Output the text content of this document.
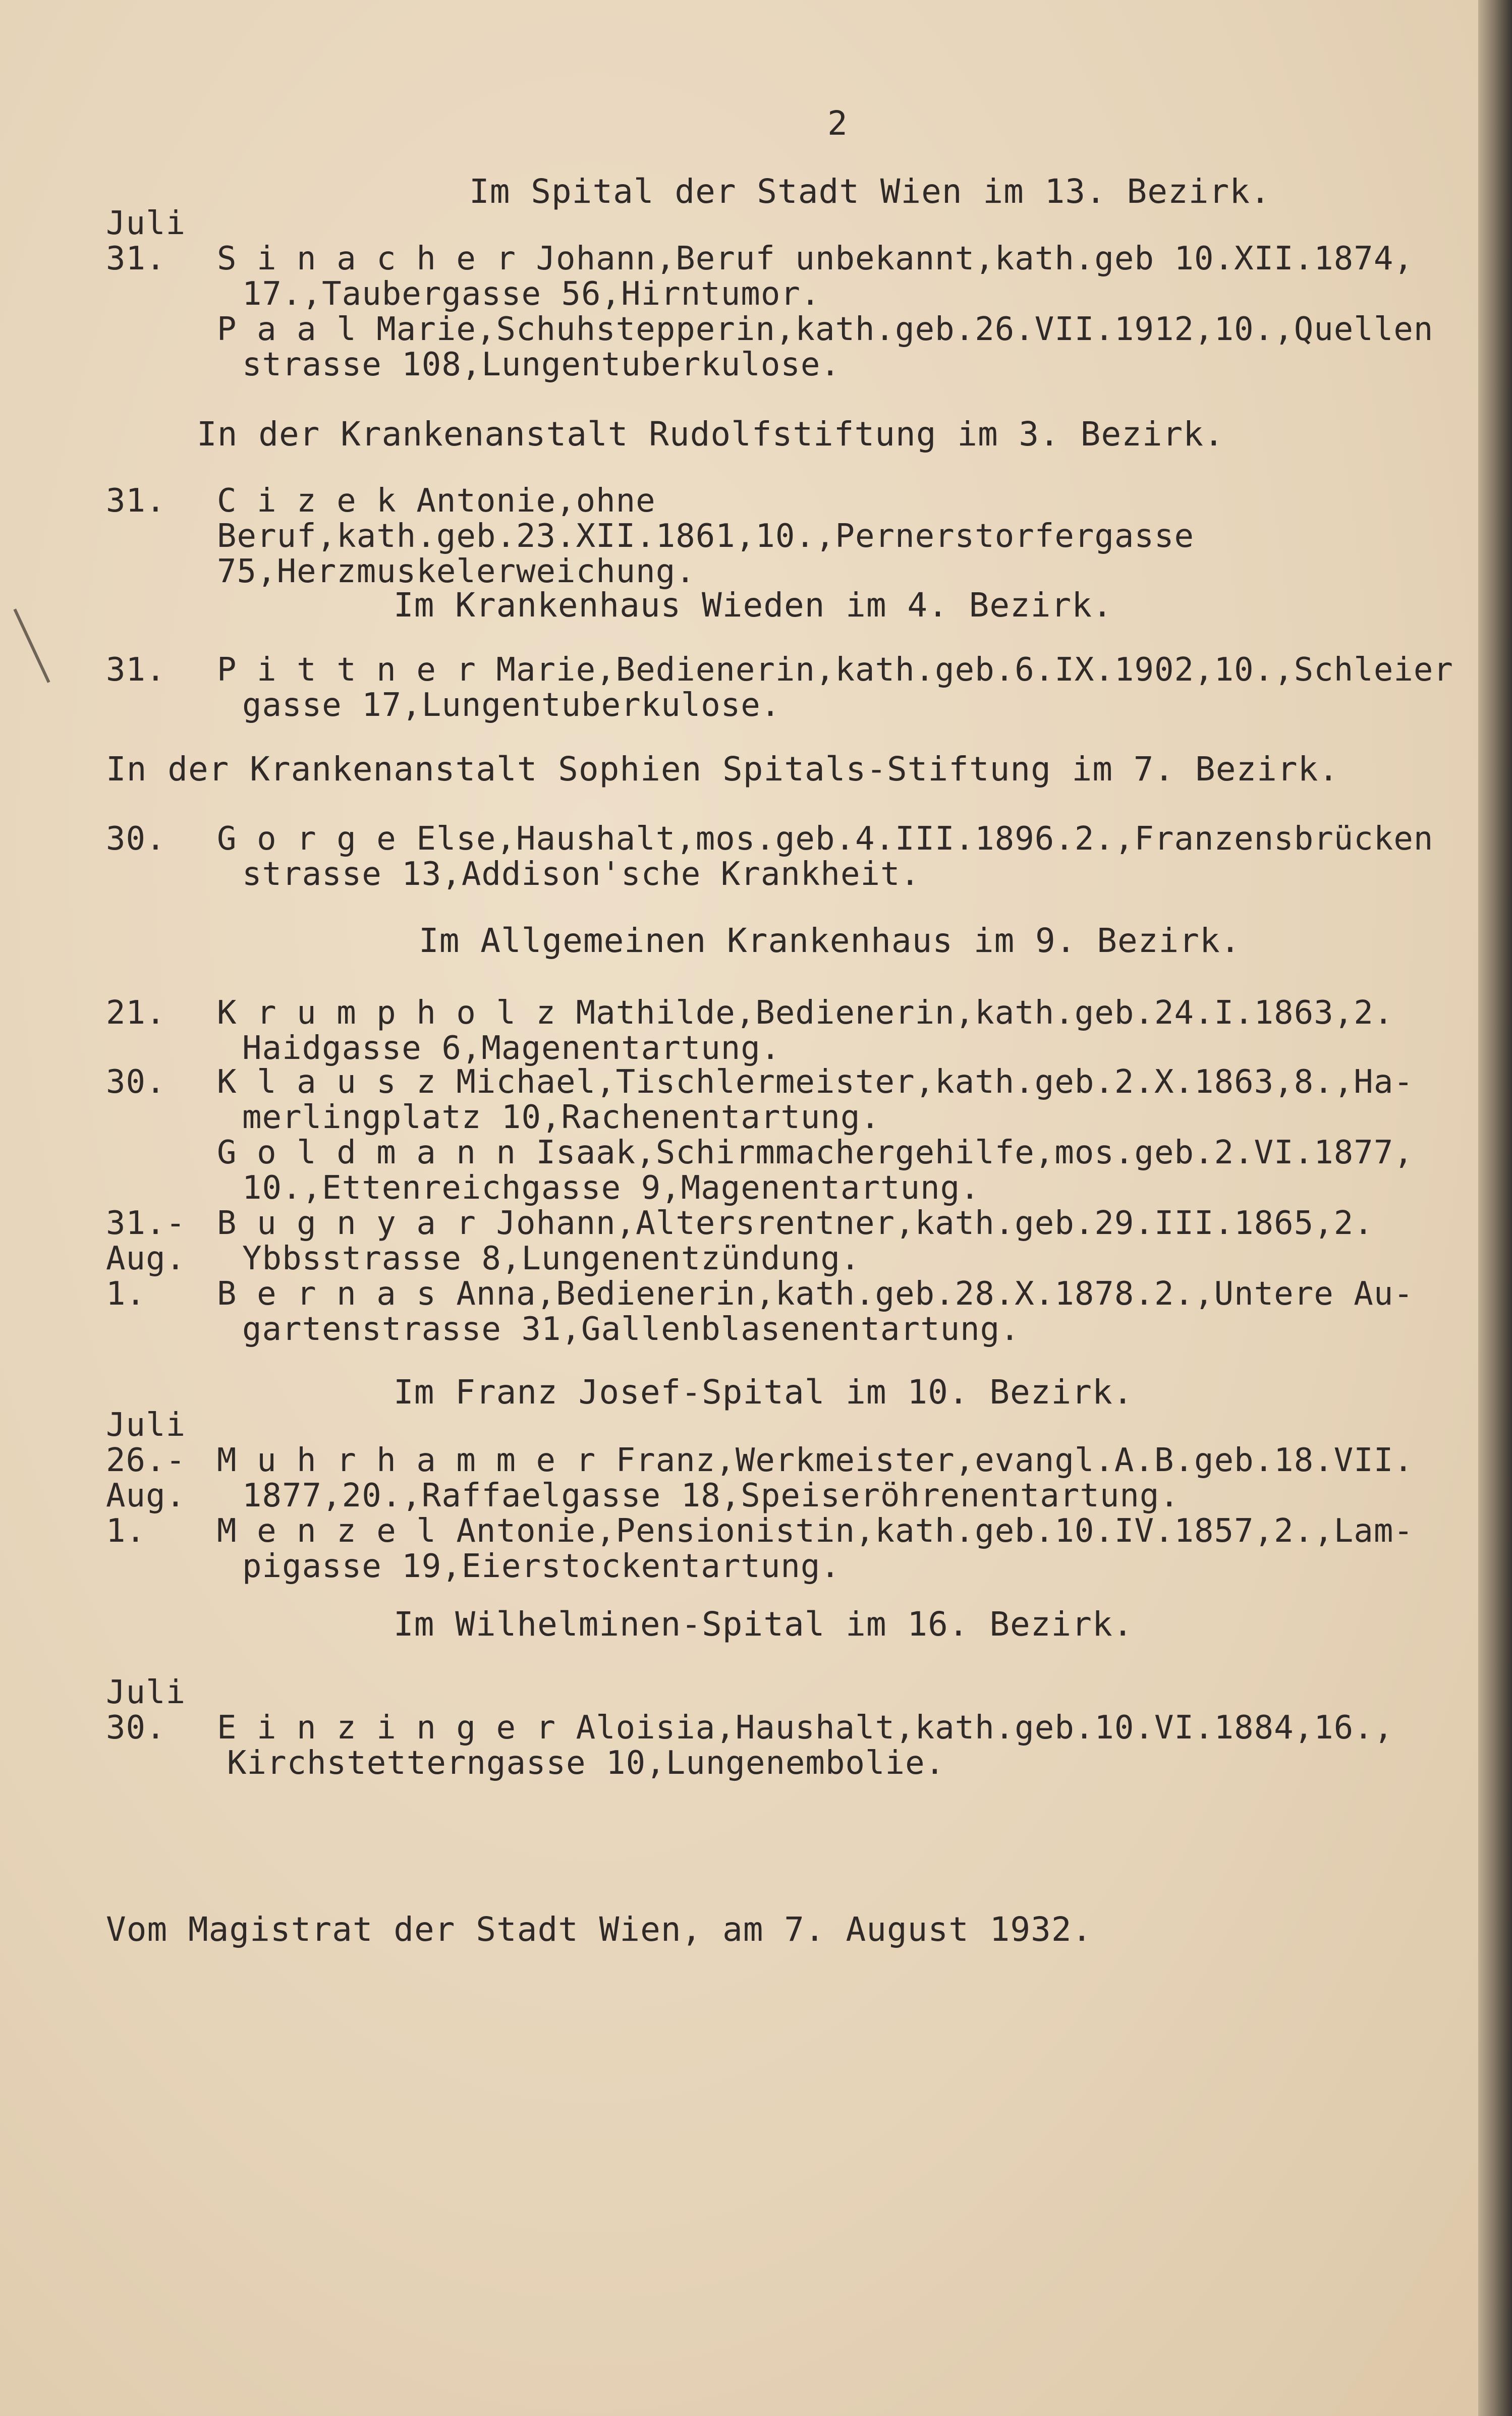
2
Im Spital der Stadt Wien im 13. Bezirk.
Juli
31. S i n a c h e r Johann,Beruf unbekannt,kath.geb 10.XII.1874,
17.,Taubergasse 56,Hirntumor.
P a a l Marie,Schuhstepperin,kath.geb.26.VII.1912,10.,Quellen
strasse 108,Lungentuberkulose.
In der Krankenanstalt Rudolfstiftung im 3. Bezirk.
31. C i z e k Antonie,ohne Beruf,kath.geb.23.XII.1861,10.,Pernerstorfergasse 75,Herzmuskelerweichung.
Im Krankenhaus Wieden im 4. Bezirk.
31. P i t t n e r Marie,Bedienerin,kath.geb.6.IX.1902,10.,Schleier
gasse 17,Lungentuberkulose.
In der Krankenanstalt Sophien Spitals-Stiftung im 7. Bezirk.
30. G o r g e Else,Haushalt,mos.geb.4.III.1896.2.,Franzensbrücken
strasse 13,Addison'sche Krankheit.
Im Allgemeinen Krankenhaus im 9. Bezirk.
21. K r u m p h o l z Mathilde,Bedienerin,kath.geb.24.I.1863,2.
Haidgasse 6,Magenentartung.
30. K l a u s z Michael,Tischlermeister,kath.geb.2.X.1863,8.,Ha-
merlingplatz 10,Rachenentartung.
G o l d m a n n Isaak,Schirmmachergehilfe,mos.geb.2.VI.1877,
10.,Ettenreichgasse 9,Magenentartung.
31.- B u g n y a r Johann,Altersrentner,kath.geb.29.III.1865,2.
Aug. Ybbsstrasse 8,Lungenentzündung.
1. B e r n a s Anna,Bedienerin,kath.geb.28.X.1878.2.,Untere Au-
gartenstrasse 31,Gallenblasenentartung.
Im Franz Josef-Spital im 10. Bezirk.
Juli
26.- M u h r h a m m e r Franz,Werkmeister,evangl.A.B.geb.18.VII.
Aug. 1877,20.,Raffaelgasse 18,Speiseröhrenentartung.
1. M e n z e l Antonie,Pensionistin,kath.geb.10.IV.1857,2.,Lam-
pigasse 19,Eierstockentartung.
Im Wilhelminen-Spital im 16. Bezirk.
Juli
30. E i n z i n g e r Aloisia,Haushalt,kath.geb.10.VI.1884,16.,
Kirchstetterngasse 10,Lungenembolie.
Vom Magistrat der Stadt Wien, am 7. August 1932.
